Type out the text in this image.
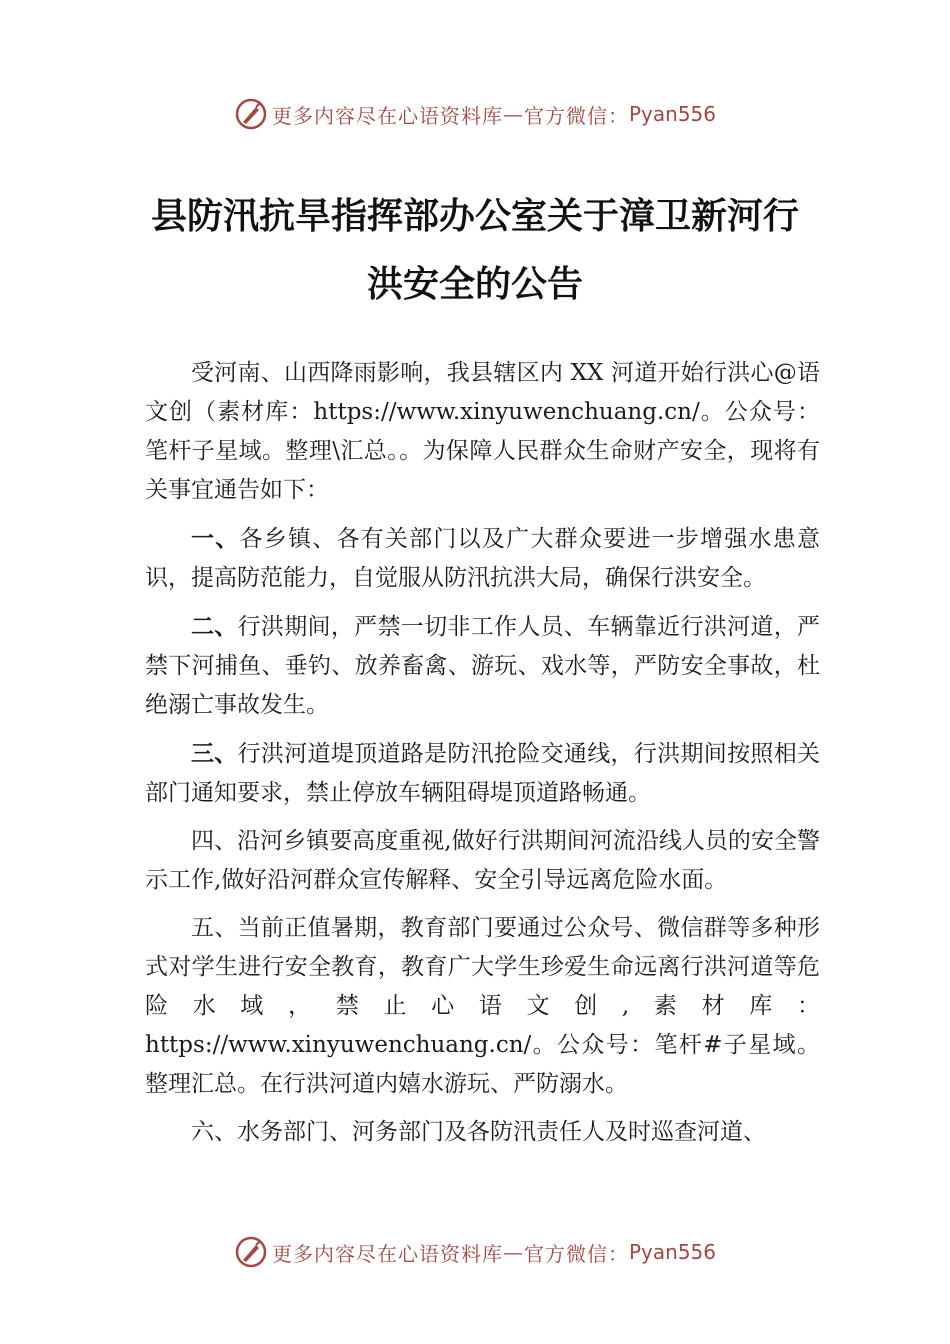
更多内容尽在心语资料库 — 官方微信： Pyan556
县防汛抗旱指挥部办公室关于漳卫新河行
洪安全的公告

受河南、山西降雨影响，我县辖区内 XX 河道开始行洪心@语文创（素材库：https://www.xinyuwenchuang.cn/。公众号：笔杆子星域。整理\汇总。。为保障人民群众生命财产安全，现将有关事宜通告如下：

一、各乡镇、各有关部门以及广大群众要进一步增强水患意识，提高防范能力，自觉服从防汛抗洪大局，确保行洪安全。

二、行洪期间，严禁一切非工作人员、车辆靠近行洪河道，严禁下河捕鱼、垂钓、放养畜禽、游玩、戏水等，严防安全事故，杜绝溺亡事故发生。

三、行洪河道堤顶道路是防汛抢险交通线，行洪期间按照相关部门通知要求，禁止停放车辆阻碍堤顶道路畅通。

四、沿河乡镇要高度重视,做好行洪期间河流沿线人员的安全警示工作,做好沿河群众宣传解释、安全引导远离危险水面。

五、当前正值暑期，教育部门要通过公众号、微信群等多种形式对学生进行安全教育，教育广大学生珍爱生命远离行洪河道等危险水域，禁止心语文创,素材库：https://www.xinyuwenchuang.cn/。公众号：笔杆#子星域。整理汇总。在行洪河道内嬉水游玩、严防溺水。

六、水务部门、河务部门及各防汛责任人及时巡查河道、

更多内容尽在心语资料库 — 官方微信： Pyan556
